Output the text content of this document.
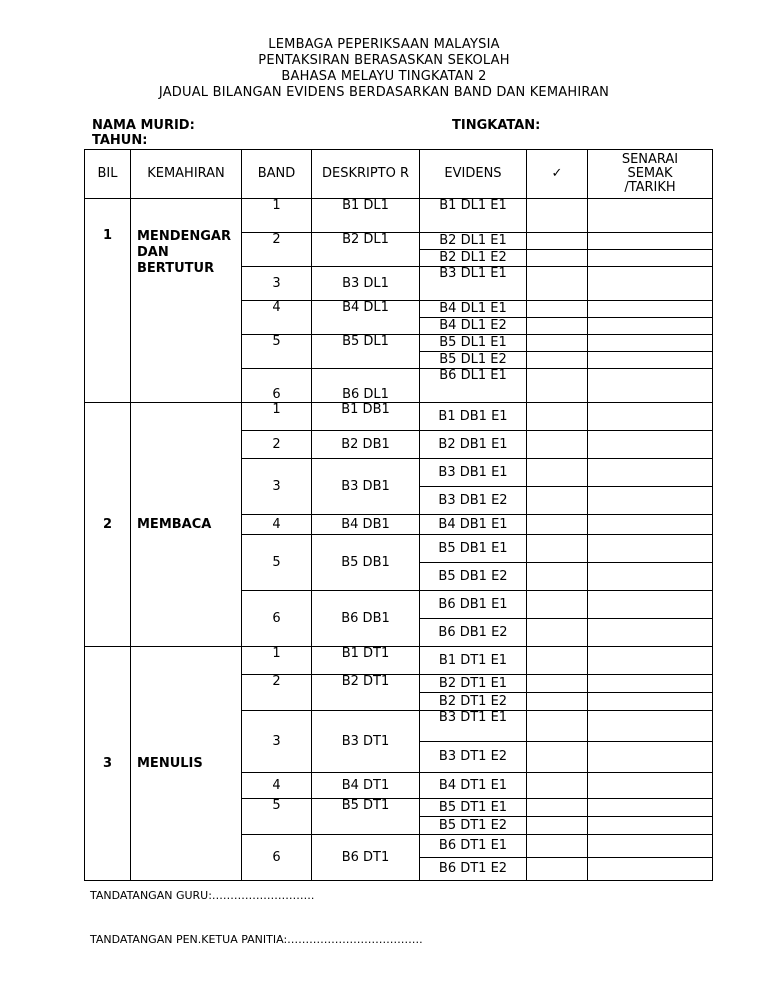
LEMBAGA PEPERIKSAAN MALAYSIA
PENTAKSIRAN BERASASKAN SEKOLAH
BAHASA MELAYU TINGKATAN 2
JADUAL BILANGAN EVIDENS BERDASARKAN BAND DAN KEMAHIRAN
NAMA MURID:	TINGKATAN:
TAHUN:
BIL	KEMAHIRAN	BAND	DESKRIPTO R	EVIDENS	✓	SENARAI SEMAK /TARIKH
1	MENDENGAR DAN BERTUTUR	1	B1 DL1	B1 DL1 E1		
		2	B2 DL1	B2 DL1 E1		
				B2 DL1 E2		
		3	B3 DL1	B3 DL1 E1		
		4	B4 DL1	B4 DL1 E1		
				B4 DL1 E2		
		5	B5 DL1	B5 DL1 E1		
				B5 DL1 E2		
		6	B6 DL1	B6 DL1 E1		
2	MEMBACA	1	B1 DB1	B1 DB1 E1		
		2	B2 DB1	B2 DB1 E1		
		3	B3 DB1	B3 DB1 E1		
				B3 DB1 E2		
		4	B4 DB1	B4 DB1 E1		
		5	B5 DB1	B5 DB1 E1		
				B5 DB1 E2		
		6	B6 DB1	B6 DB1 E1		
				B6 DB1 E2		
3	MENULIS	1	B1 DT1	B1 DT1 E1		
		2	B2 DT1	B2 DT1 E1		
				B2 DT1 E2		
		3	B3 DT1	B3 DT1 E1		
				B3 DT1 E2		
		4	B4 DT1	B4 DT1 E1		
		5	B5 DT1	B5 DT1 E1		
				B5 DT1 E2		
		6	B6 DT1	B6 DT1 E1		
				B6 DT1 E2		
TANDATANGAN GURU:……………………….
TANDATANGAN PEN.KETUA PANITIA:……………………………….
